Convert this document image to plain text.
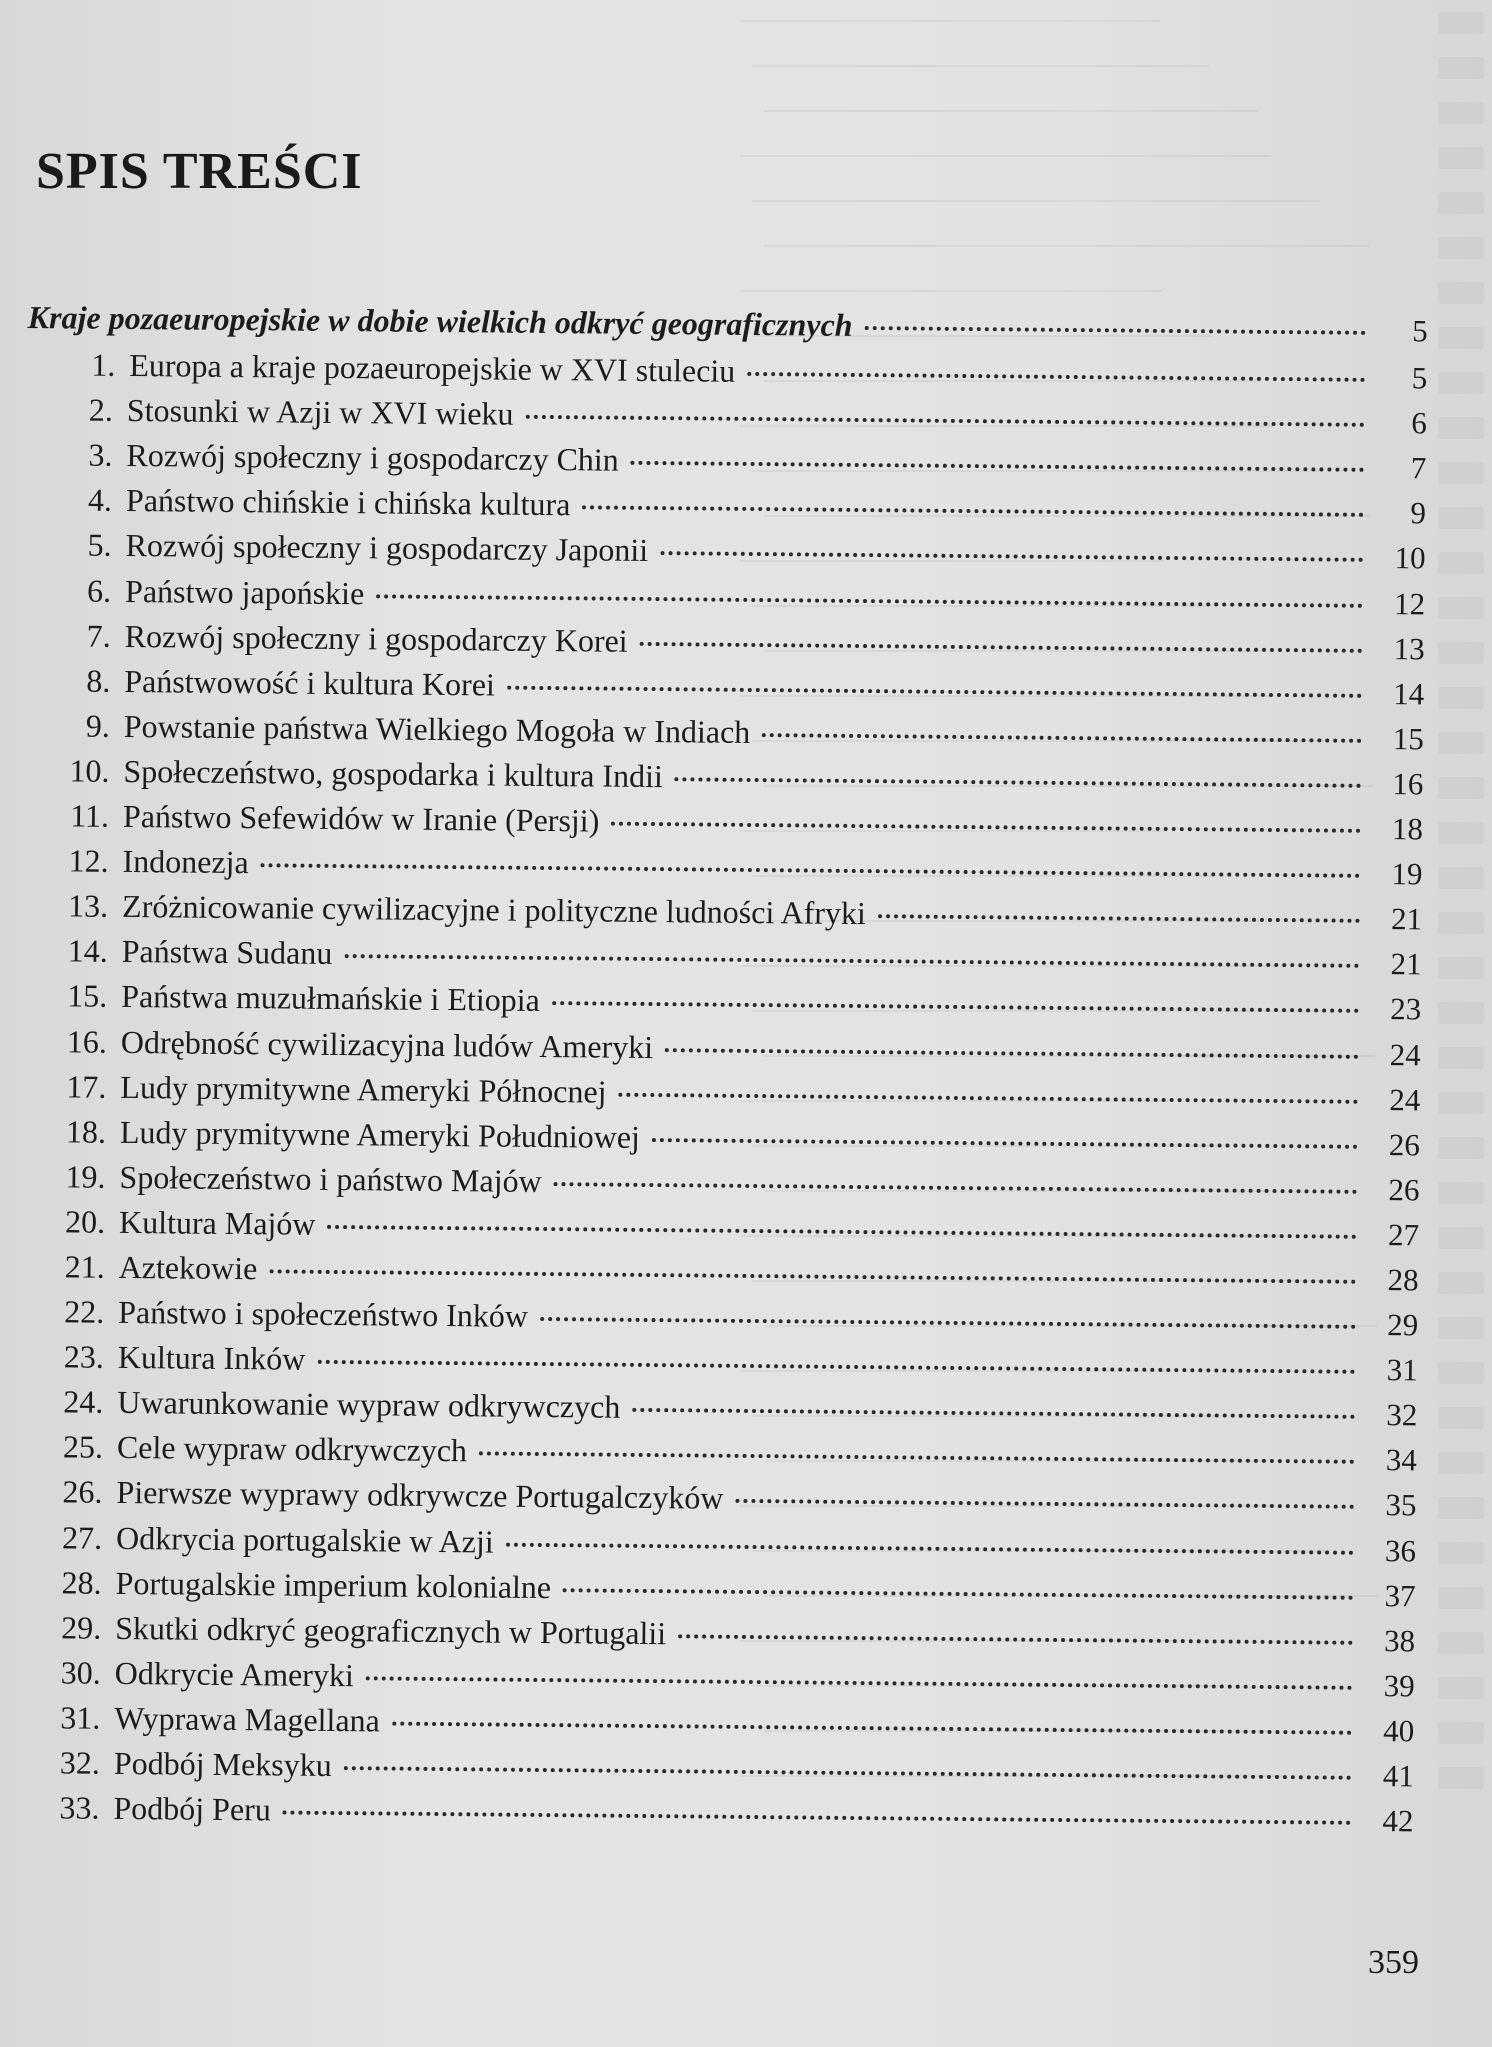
SPIS TREŚCI
Kraje pozaeuropejskie w dobie wielkich odkryć geograficznych	5
1. Europa a kraje pozaeuropejskie w XVI stuleciu	5
2. Stosunki w Azji w XVI wieku	6
3. Rozwój społeczny i gospodarczy Chin	7
4. Państwo chińskie i chińska kultura	9
5. Rozwój społeczny i gospodarczy Japonii	10
6. Państwo japońskie	12
7. Rozwój społeczny i gospodarczy Korei	13
8. Państwowość i kultura Korei	14
9. Powstanie państwa Wielkiego Mogoła w Indiach	15
10. Społeczeństwo, gospodarka i kultura Indii	16
11. Państwo Sefewidów w Iranie (Persji)	18
12. Indonezja	19
13. Zróżnicowanie cywilizacyjne i polityczne ludności Afryki	21
14. Państwa Sudanu	21
15. Państwa muzułmańskie i Etiopia	23
16. Odrębność cywilizacyjna ludów Ameryki	24
17. Ludy prymitywne Ameryki Północnej	24
18. Ludy prymitywne Ameryki Południowej	26
19. Społeczeństwo i państwo Majów	26
20. Kultura Majów	27
21. Aztekowie	28
22. Państwo i społeczeństwo Inków	29
23. Kultura Inków	31
24. Uwarunkowanie wypraw odkrywczych	32
25. Cele wypraw odkrywczych	34
26. Pierwsze wyprawy odkrywcze Portugalczyków	35
27. Odkrycia portugalskie w Azji	36
28. Portugalskie imperium kolonialne	37
29. Skutki odkryć geograficznych w Portugalii	38
30. Odkrycie Ameryki	39
31. Wyprawa Magellana	40
32. Podbój Meksyku	41
33. Podbój Peru	42
359
